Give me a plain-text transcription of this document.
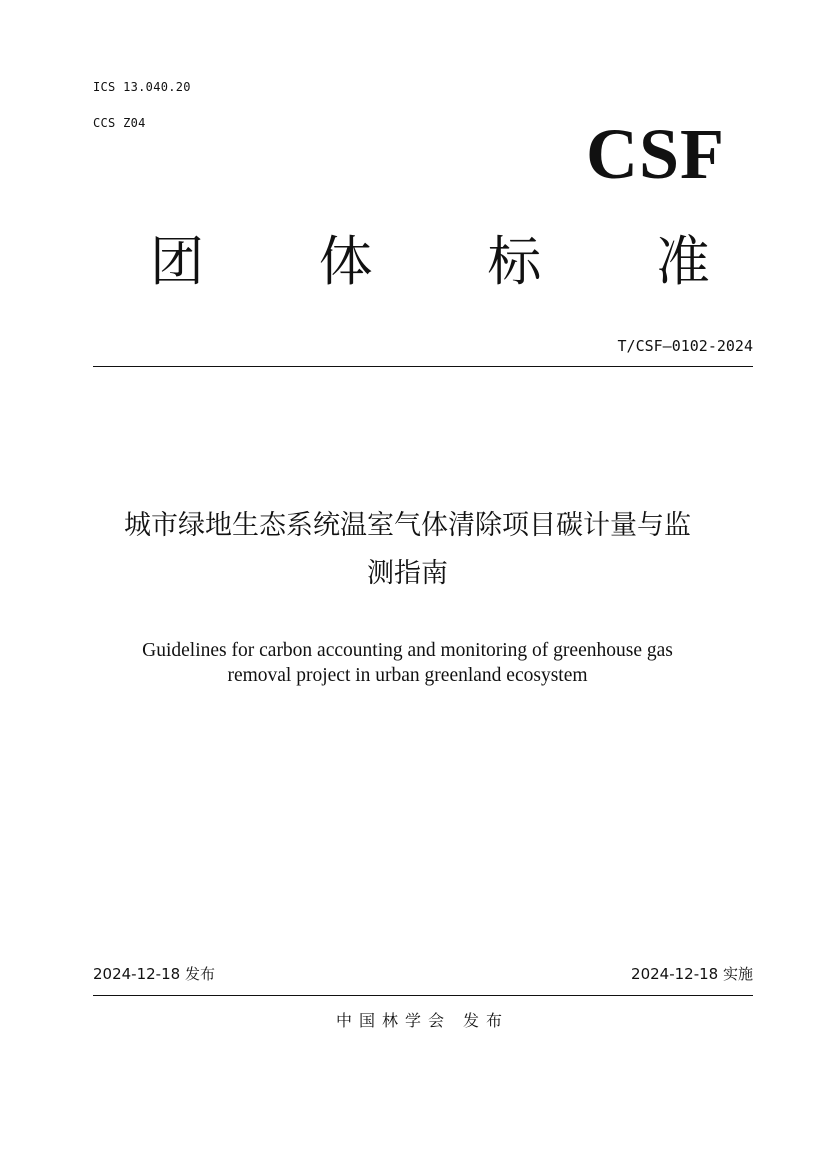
ICS 13.040.20
CCS Z04	CSF
团 体 标 准
T/CSF—0102-2024
城市绿地生态系统温室气体清除项目碳计量与监
测指南
Guidelines for carbon accounting and monitoring of greenhouse gas
removal project in urban greenland ecosystem
2024-12-18 发布	2024-12-18 实施
中国林学会 发布
